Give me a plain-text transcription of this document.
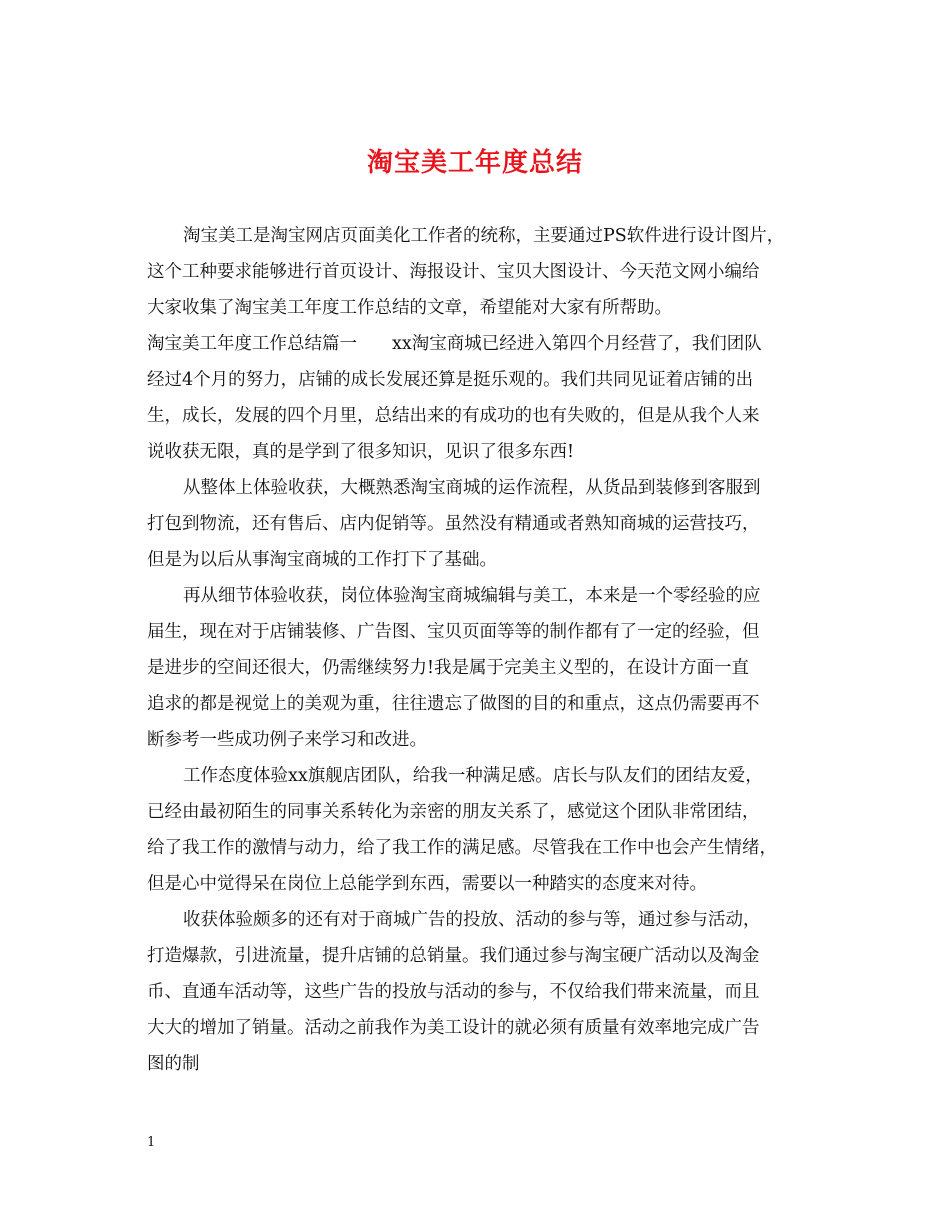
淘宝美工年度总结
淘宝美工是淘宝网店页面美化工作者的统称，主要通过PS软件进行设计图片，
这个工种要求能够进行首页设计、海报设计、宝贝大图设计、今天范文网小编给
大家收集了淘宝美工年度工作总结的文章，希望能对大家有所帮助。
淘宝美工年度工作总结篇一　　xx淘宝商城已经进入第四个月经营了，我们团队
经过4个月的努力，店铺的成长发展还算是挺乐观的。我们共同见证着店铺的出
生，成长，发展的四个月里，总结出来的有成功的也有失败的，但是从我个人来
说收获无限，真的是学到了很多知识，见识了很多东西!
从整体上体验收获，大概熟悉淘宝商城的运作流程，从货品到装修到客服到
打包到物流，还有售后、店内促销等。虽然没有精通或者熟知商城的运营技巧，
但是为以后从事淘宝商城的工作打下了基础。
再从细节体验收获，岗位体验淘宝商城编辑与美工，本来是一个零经验的应
届生，现在对于店铺装修、广告图、宝贝页面等等的制作都有了一定的经验，但
是进步的空间还很大，仍需继续努力!我是属于完美主义型的，在设计方面一直
追求的都是视觉上的美观为重，往往遗忘了做图的目的和重点，这点仍需要再不
断参考一些成功例子来学习和改进。
工作态度体验xx旗舰店团队，给我一种满足感。店长与队友们的团结友爱，
已经由最初陌生的同事关系转化为亲密的朋友关系了，感觉这个团队非常团结，
给了我工作的激情与动力，给了我工作的满足感。尽管我在工作中也会产生情绪，
但是心中觉得呆在岗位上总能学到东西，需要以一种踏实的态度来对待。
收获体验颇多的还有对于商城广告的投放、活动的参与等，通过参与活动，
打造爆款，引进流量，提升店铺的总销量。我们通过参与淘宝硬广活动以及淘金
币、直通车活动等，这些广告的投放与活动的参与，不仅给我们带来流量，而且
大大的增加了销量。活动之前我作为美工设计的就必须有质量有效率地完成广告
图的制
1
